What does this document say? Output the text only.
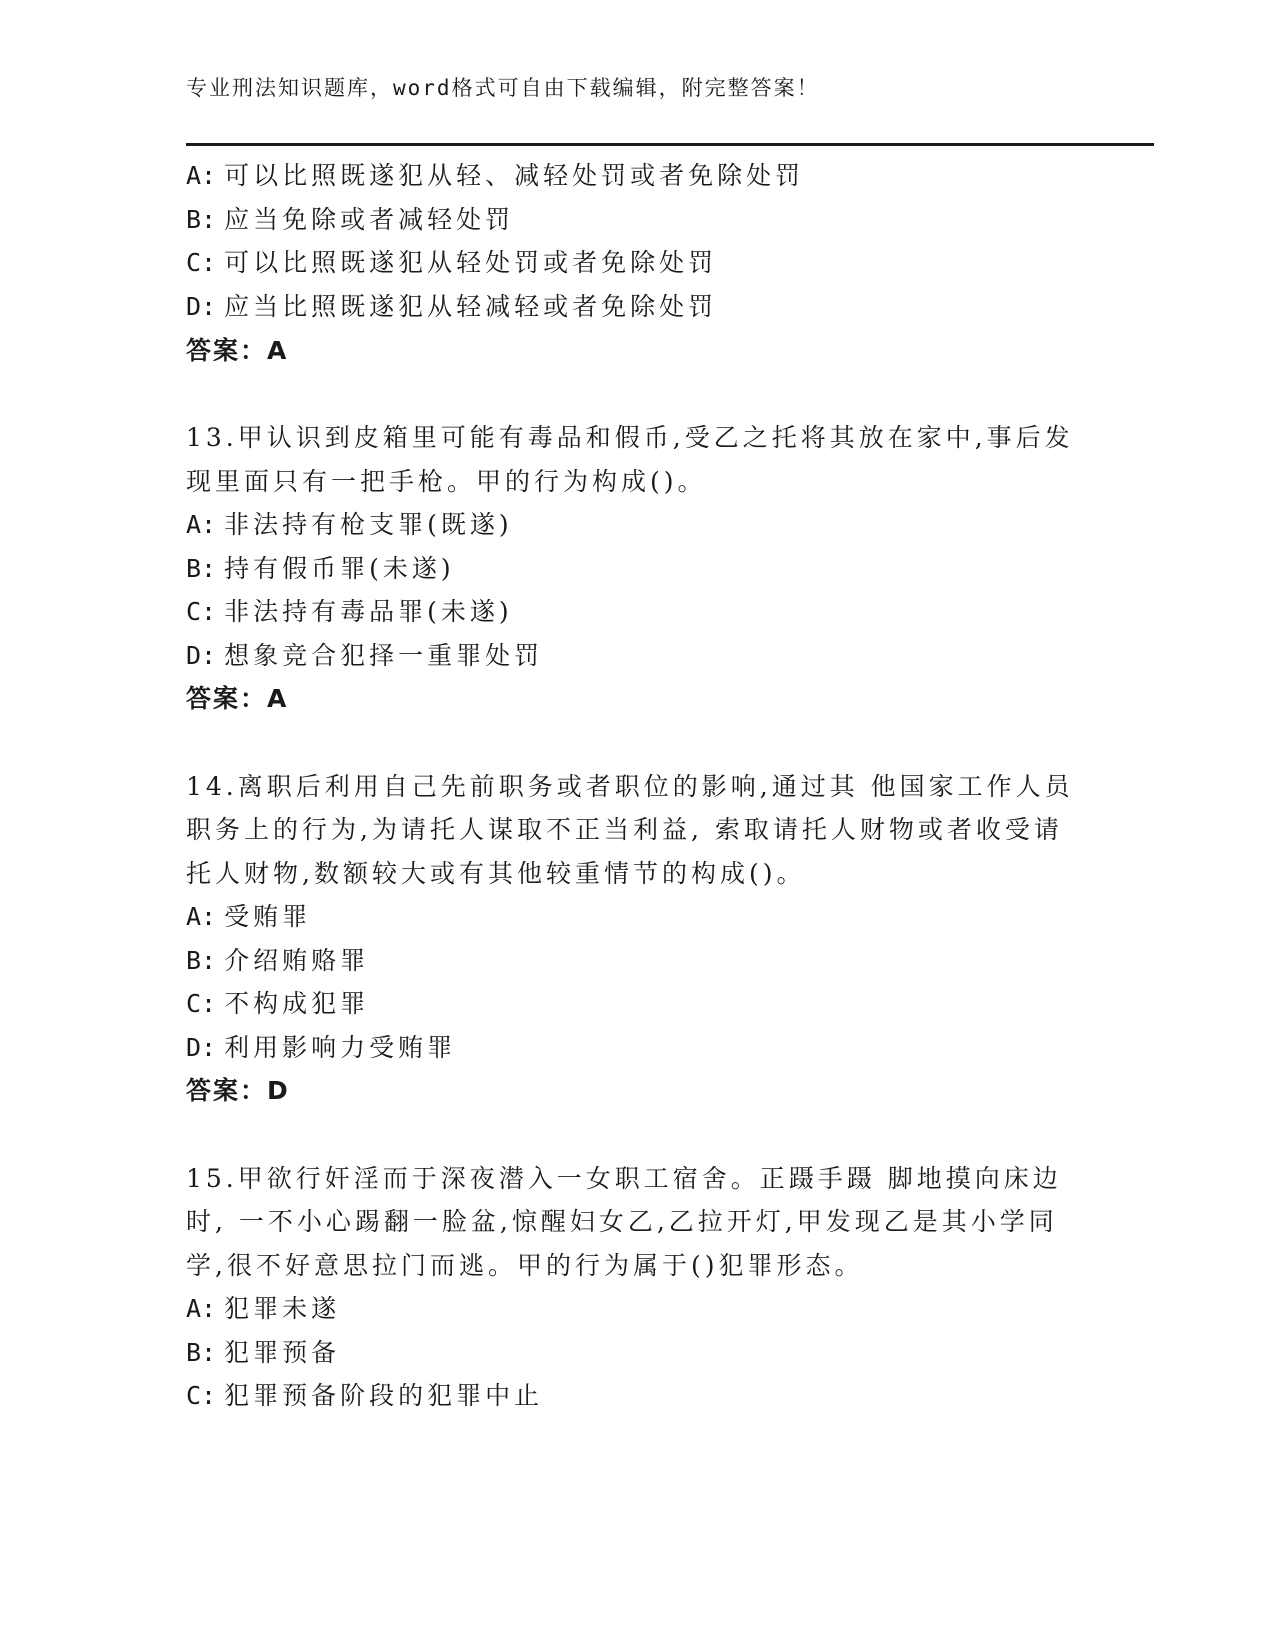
专业刑法知识题库，word格式可自由下载编辑，附完整答案！
A: 可以比照既遂犯从轻、减轻处罚或者免除处罚
B: 应当免除或者减轻处罚
C: 可以比照既遂犯从轻处罚或者免除处罚
D: 应当比照既遂犯从轻减轻或者免除处罚
答案：A
13.甲认识到皮箱里可能有毒品和假币,受乙之托将其放在家中,事后发
现里面只有一把手枪。甲的行为构成()。
A: 非法持有枪支罪(既遂)
B: 持有假币罪(未遂)
C: 非法持有毒品罪(未遂)
D: 想象竞合犯择一重罪处罚
答案：A
14.离职后利用自己先前职务或者职位的影响,通过其 他国家工作人员
职务上的行为,为请托人谋取不正当利益, 索取请托人财物或者收受请
托人财物,数额较大或有其他较重情节的构成()。
A: 受贿罪
B: 介绍贿赂罪
C: 不构成犯罪
D: 利用影响力受贿罪
答案：D
15.甲欲行奸淫而于深夜潜入一女职工宿舍。正蹑手蹑 脚地摸向床边
时, 一不小心踢翻一脸盆,惊醒妇女乙,乙拉开灯,甲发现乙是其小学同
学,很不好意思拉门而逃。甲的行为属于()犯罪形态。
A: 犯罪未遂
B: 犯罪预备
C: 犯罪预备阶段的犯罪中止
